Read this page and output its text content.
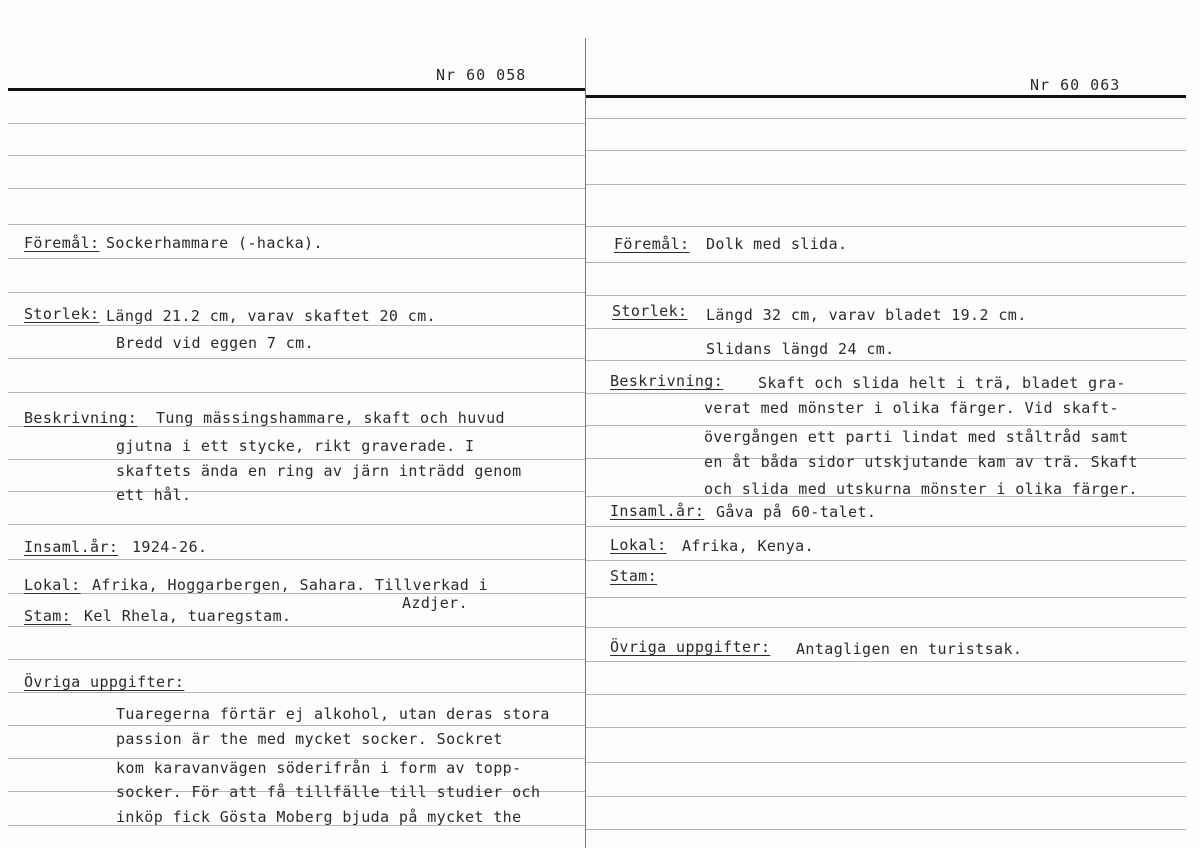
Nr 60 058
Föremål: Sockerhammare (-hacka).
Storlek: Längd 21.2 cm, varav skaftet 20 cm.
Bredd vid eggen 7 cm.
Beskrivning: Tung mässingshammare, skaft och huvud
gjutna i ett stycke, rikt graverade. I
skaftets ända en ring av järn inträdd genom
ett hål.
Insaml.år: 1924-26.
Lokal: Afrika, Hoggarbergen, Sahara. Tillverkad i
Azdjer.
Stam: Kel Rhela, tuaregstam.
Övriga uppgifter:
Tuaregerna förtär ej alkohol, utan deras stora
passion är the med mycket socker. Sockret
kom karavanvägen söderifrån i form av topp-
socker. För att få tillfälle till studier och
inköp fick Gösta Moberg bjuda på mycket the
Nr 60 063
Föremål: Dolk med slida.
Storlek: Längd 32 cm, varav bladet 19.2 cm.
Slidans längd 24 cm.
Beskrivning: Skaft och slida helt i trä, bladet gra-
verat med mönster i olika färger. Vid skaft-
övergången ett parti lindat med ståltråd samt
en åt båda sidor utskjutande kam av trä. Skaft
och slida med utskurna mönster i olika färger.
Insaml.år: Gåva på 60-talet.
Lokal: Afrika, Kenya.
Stam:
Övriga uppgifter: Antagligen en turistsak.
